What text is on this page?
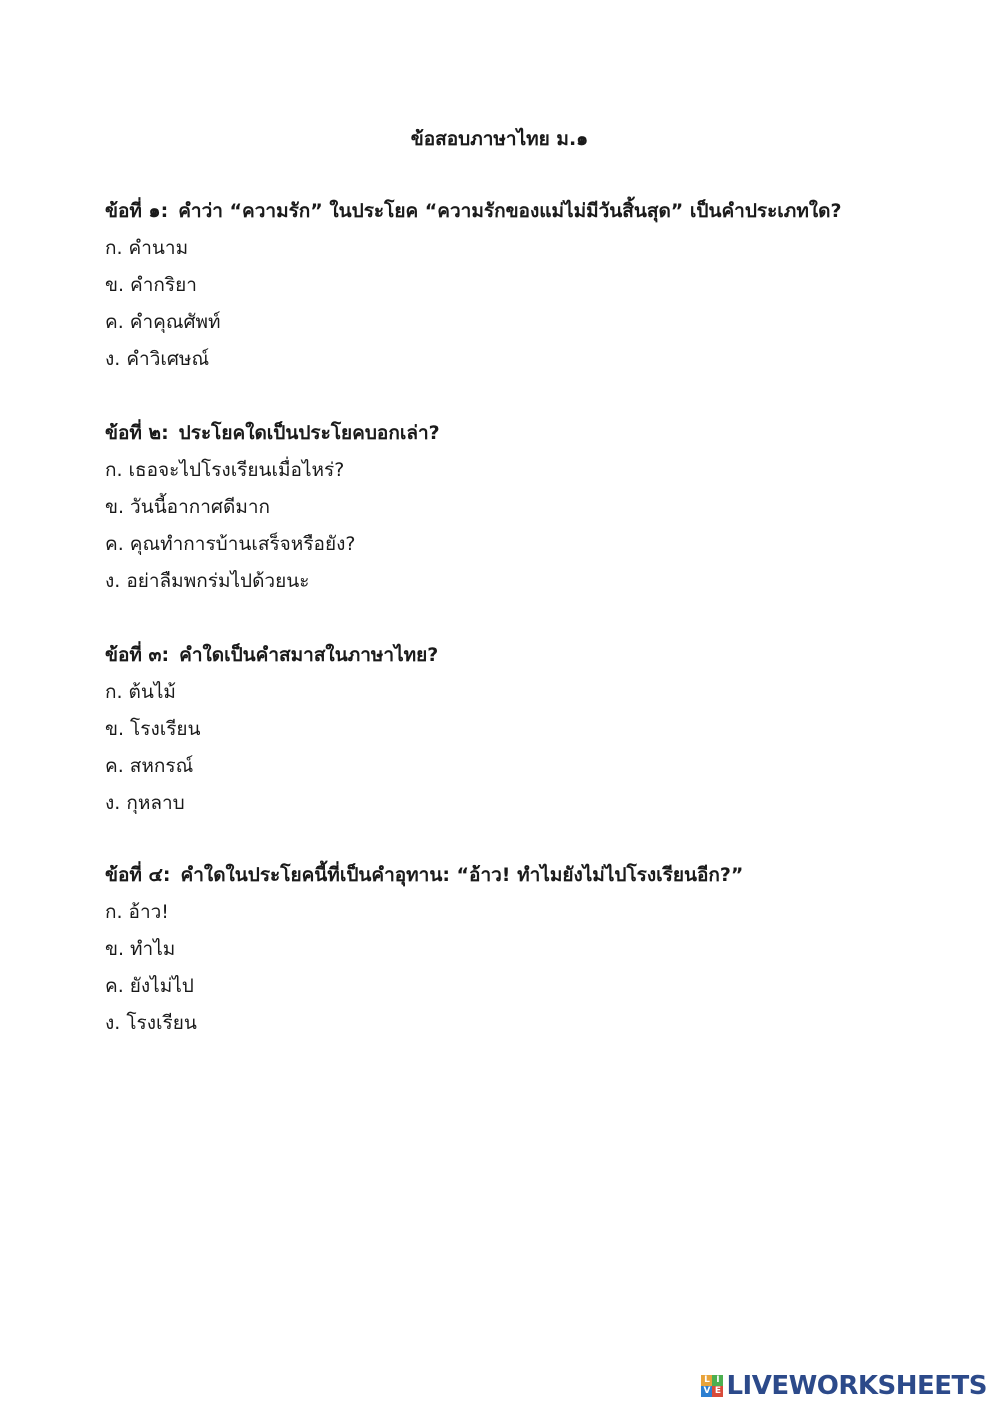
ข้อสอบภาษาไทย ม.๑
ข้อที่ ๑: คำว่า “ความรัก” ในประโยค “ความรักของแม่ไม่มีวันสิ้นสุด” เป็นคำประเภทใด?
ก. คำนาม
ข. คำกริยา
ค. คำคุณศัพท์
ง. คำวิเศษณ์
ข้อที่ ๒: ประโยคใดเป็นประโยคบอกเล่า?
ก. เธอจะไปโรงเรียนเมื่อไหร่?
ข. วันนี้อากาศดีมาก
ค. คุณทำการบ้านเสร็จหรือยัง?
ง. อย่าลืมพกร่มไปด้วยนะ
ข้อที่ ๓: คำใดเป็นคำสมาสในภาษาไทย?
ก. ต้นไม้
ข. โรงเรียน
ค. สหกรณ์
ง. กุหลาบ
ข้อที่ ๔: คำใดในประโยคนี้ที่เป็นคำอุทาน: “อ้าว! ทำไมยังไม่ไปโรงเรียนอีก?”
ก. อ้าว!
ข. ทำไม
ค. ยังไม่ไป
ง. โรงเรียน
L I
V E LIVEWORKSHEETS
